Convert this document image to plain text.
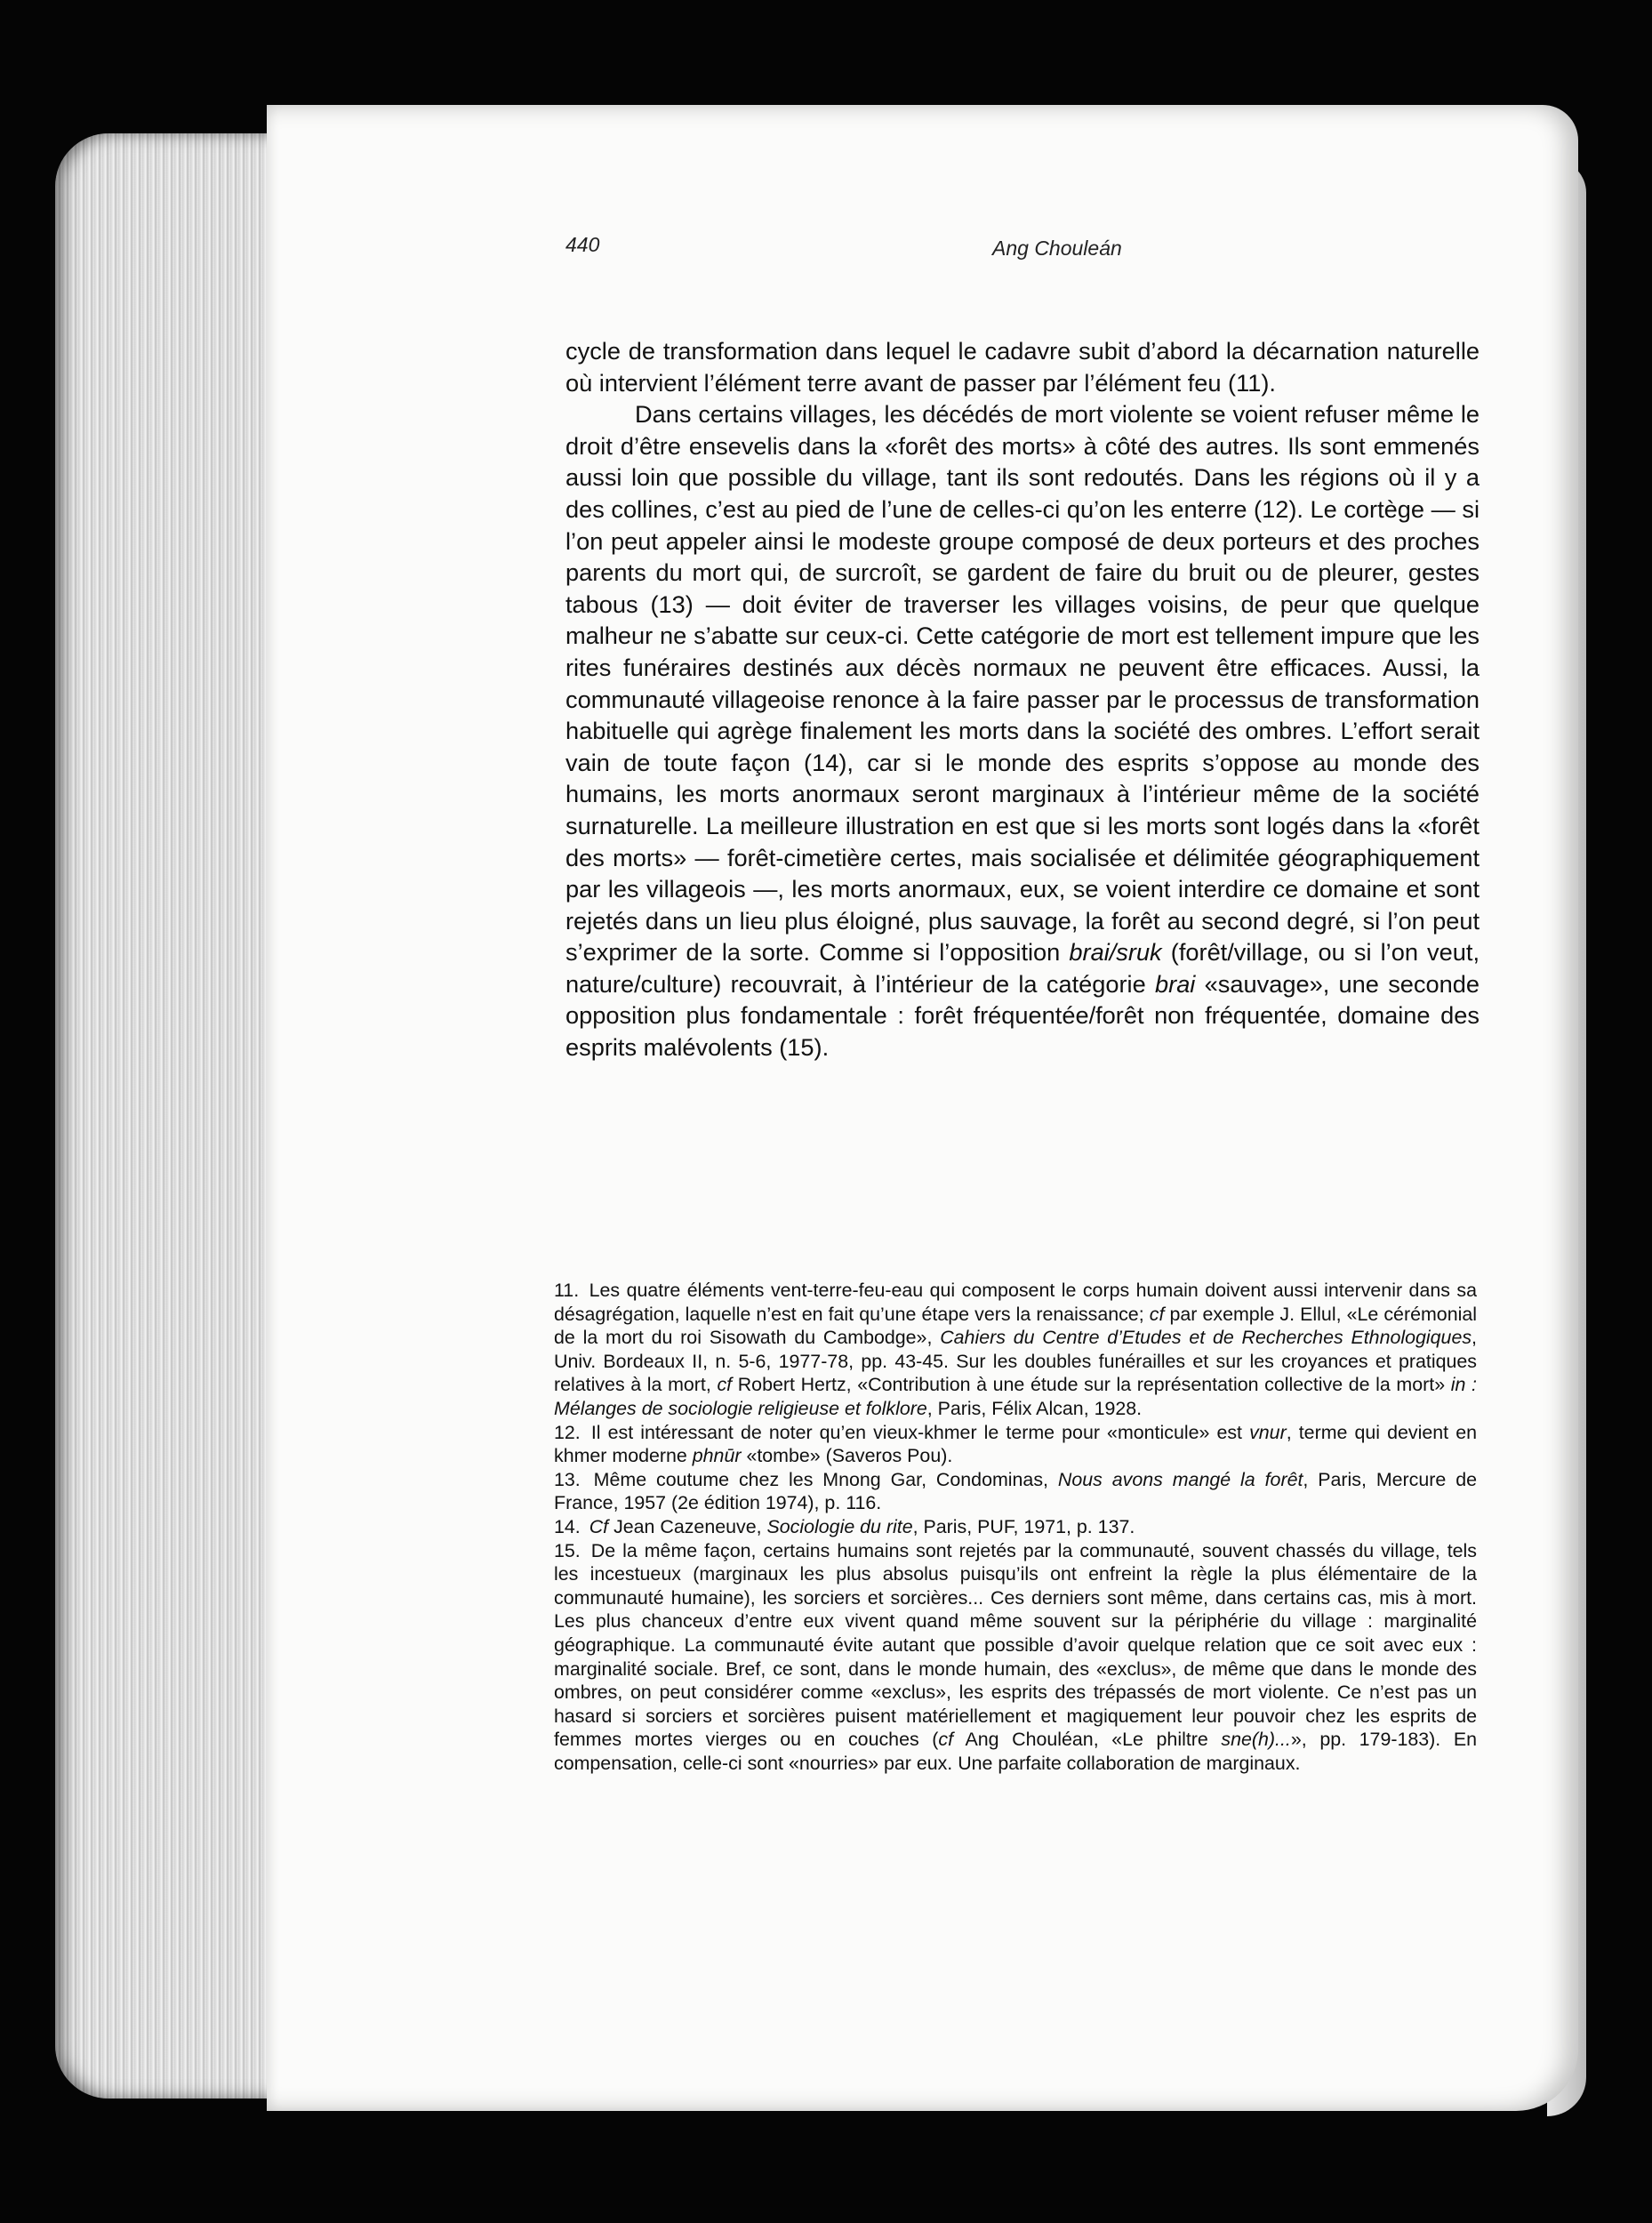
440	Ang Chouleán

cycle de transformation dans lequel le cadavre subit d’abord la décarnation naturelle où intervient l’élément terre avant de passer par l’élément feu (11).

Dans certains villages, les décédés de mort violente se voient refuser même le droit d’être ensevelis dans la «forêt des morts» à côté des autres. Ils sont emmenés aussi loin que possible du village, tant ils sont redoutés. Dans les régions où il y a des collines, c’est au pied de l’une de celles-ci qu’on les enterre (12). Le cortège — si l’on peut appeler ainsi le modeste groupe composé de deux porteurs et des proches parents du mort qui, de surcroît, se gardent de faire du bruit ou de pleurer, gestes tabous (13) — doit éviter de traverser les villages voisins, de peur que quelque malheur ne s’abatte sur ceux-ci. Cette catégorie de mort est tellement impure que les rites funéraires destinés aux décès normaux ne peuvent être efficaces. Aussi, la communauté villageoise renonce à la faire passer par le processus de transformation habituelle qui agrège finalement les morts dans la société des ombres. L’effort serait vain de toute façon (14), car si le monde des esprits s’oppose au monde des humains, les morts anormaux seront marginaux à l’intérieur même de la société surnaturelle. La meilleure illustration en est que si les morts sont logés dans la «forêt des morts» — forêt-cimetière certes, mais socialisée et délimitée géographiquement par les villageois —, les morts anormaux, eux, se voient interdire ce domaine et sont rejetés dans un lieu plus éloigné, plus sauvage, la forêt au second degré, si l’on peut s’exprimer de la sorte. Comme si l’opposition brai/sruk (forêt/village, ou si l’on veut, nature/culture) recouvrait, à l’intérieur de la catégorie brai «sauvage», une seconde opposition plus fondamentale : forêt fréquentée/forêt non fréquentée, domaine des esprits malévolents (15).

11. Les quatre éléments vent-terre-feu-eau qui composent le corps humain doivent aussi intervenir dans sa désagrégation, laquelle n’est en fait qu’une étape vers la renaissance; cf par exemple J. Ellul, «Le cérémonial de la mort du roi Sisowath du Cambodge», Cahiers du Centre d’Etudes et de Recherches Ethnologiques, Univ. Bordeaux II, n. 5-6, 1977-78, pp. 43-45. Sur les doubles funérailles et sur les croyances et pratiques relatives à la mort, cf Robert Hertz, «Contribution à une étude sur la représentation collective de la mort» in : Mélanges de sociologie religieuse et folklore, Paris, Félix Alcan, 1928.

12. Il est intéressant de noter qu’en vieux-khmer le terme pour «monticule» est vnur, terme qui devient en khmer moderne phnūr «tombe» (Saveros Pou).

13. Même coutume chez les Mnong Gar, Condominas, Nous avons mangé la forêt, Paris, Mercure de France, 1957 (2e édition 1974), p. 116.

14. Cf Jean Cazeneuve, Sociologie du rite, Paris, PUF, 1971, p. 137.

15. De la même façon, certains humains sont rejetés par la communauté, souvent chassés du village, tels les incestueux (marginaux les plus absolus puisqu’ils ont enfreint la règle la plus élémentaire de la communauté humaine), les sorciers et sorcières... Ces derniers sont même, dans certains cas, mis à mort. Les plus chanceux d’entre eux vivent quand même souvent sur la périphérie du village : marginalité géographique. La communauté évite autant que possible d’avoir quelque relation que ce soit avec eux : marginalité sociale. Bref, ce sont, dans le monde humain, des «exclus», de même que dans le monde des ombres, on peut considérer comme «exclus», les esprits des trépassés de mort violente. Ce n’est pas un hasard si sorciers et sorcières puisent matériellement et magiquement leur pouvoir chez les esprits de femmes mortes vierges ou en couches (cf Ang Chouléan, «Le philtre sne(h)...», pp. 179-183). En compensation, celle-ci sont «nourries» par eux. Une parfaite collaboration de marginaux.
